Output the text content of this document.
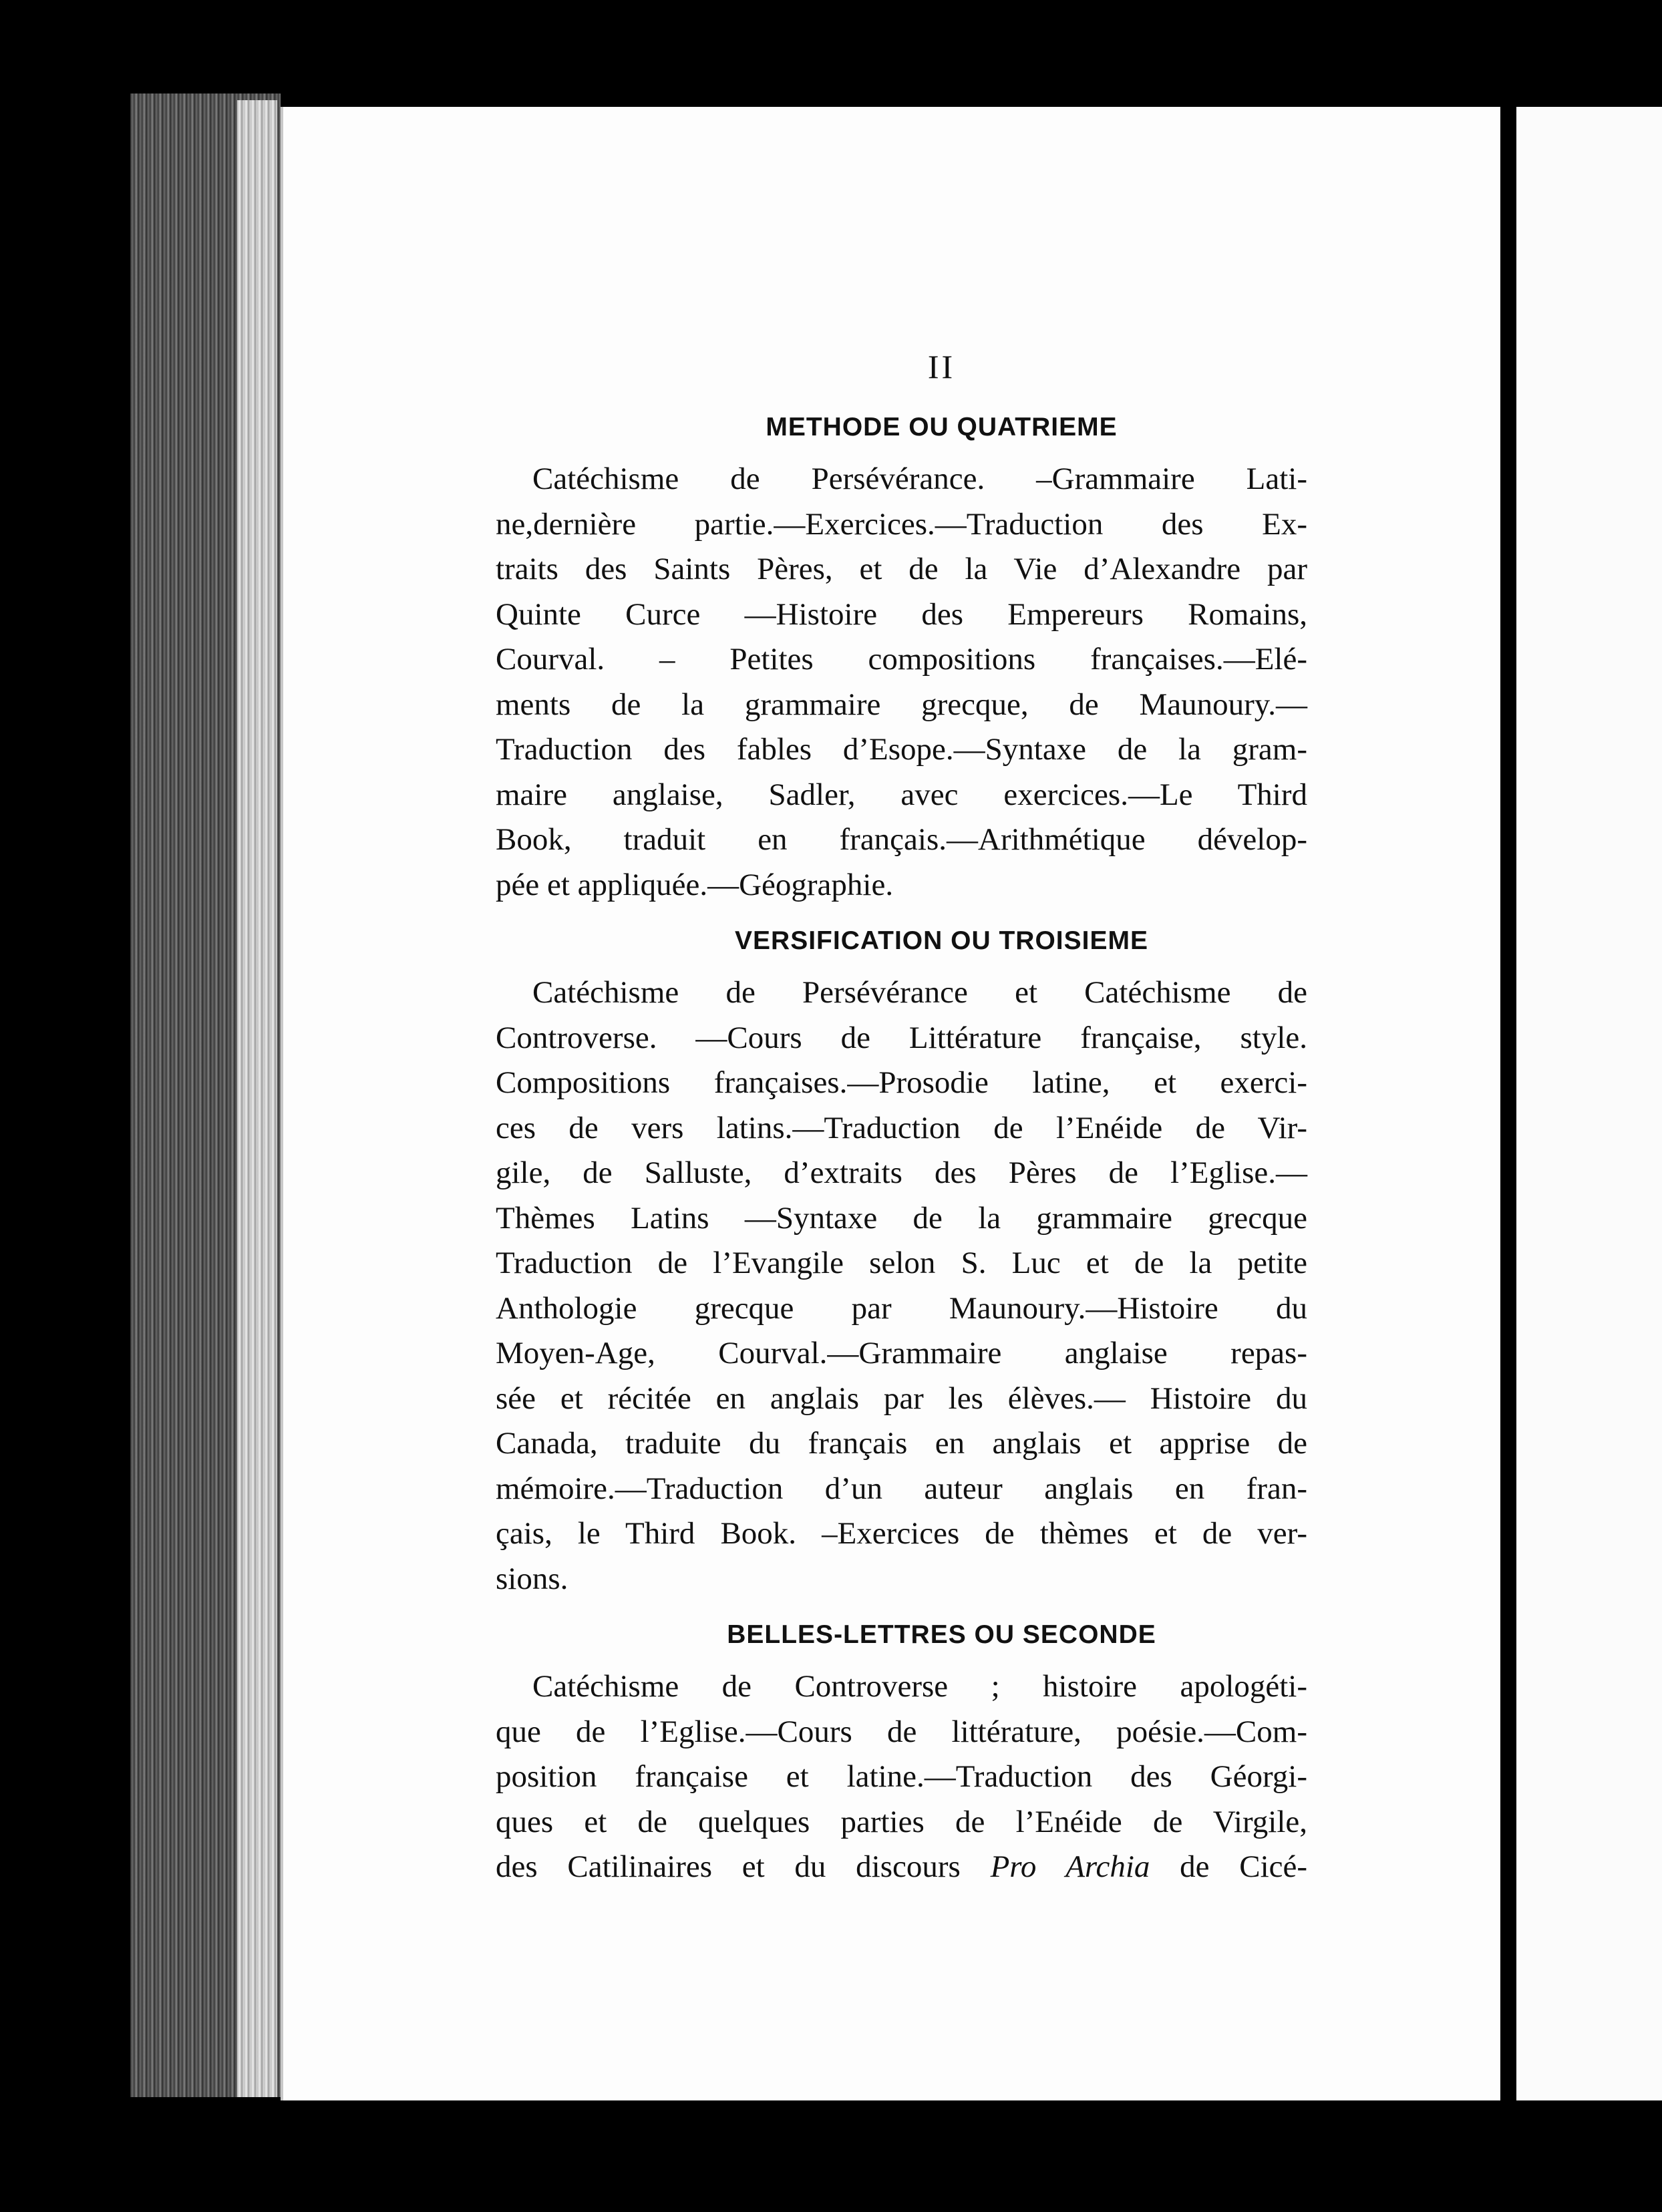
II
METHODE OU QUATRIEME
Catéchisme de Persévérance. –Grammaire Lati-
ne,dernière partie.—Exercices.—Traduction des Ex-
traits des Saints Pères, et de la Vie d’Alexandre par
Quinte Curce —Histoire des Empereurs Romains,
Courval. – Petites compositions françaises.—Elé-
ments de la grammaire grecque, de Maunoury.—
Traduction des fables d’Esope.—Syntaxe de la gram-
maire anglaise, Sadler, avec exercices.—Le Third
Book, traduit en français.—Arithmétique dévelop-
pée et appliquée.—Géographie.
VERSIFICATION OU TROISIEME
Catéchisme de Persévérance et Catéchisme de
Controverse. —Cours de Littérature française, style.
Compositions françaises.—Prosodie latine, et exerci-
ces de vers latins.—Traduction de l’Enéide de Vir-
gile, de Salluste, d’extraits des Pères de l’Eglise.—
Thèmes Latins —Syntaxe de la grammaire grecque
Traduction de l’Evangile selon S. Luc et de la petite
Anthologie grecque par Maunoury.—Histoire du
Moyen-Age, Courval.—Grammaire anglaise repas-
sée et récitée en anglais par les élèves.— Histoire du
Canada, traduite du français en anglais et apprise de
mémoire.—Traduction d’un auteur anglais en fran-
çais, le Third Book. –Exercices de thèmes et de ver-
sions.
BELLES-LETTRES OU SECONDE
Catéchisme de Controverse ; histoire apologéti-
que de l’Eglise.—Cours de littérature, poésie.—Com-
position française et latine.—Traduction des Géorgi-
ques et de quelques parties de l’Enéide de Virgile,
des Catilinaires et du discours Pro Archia de Cicé-
